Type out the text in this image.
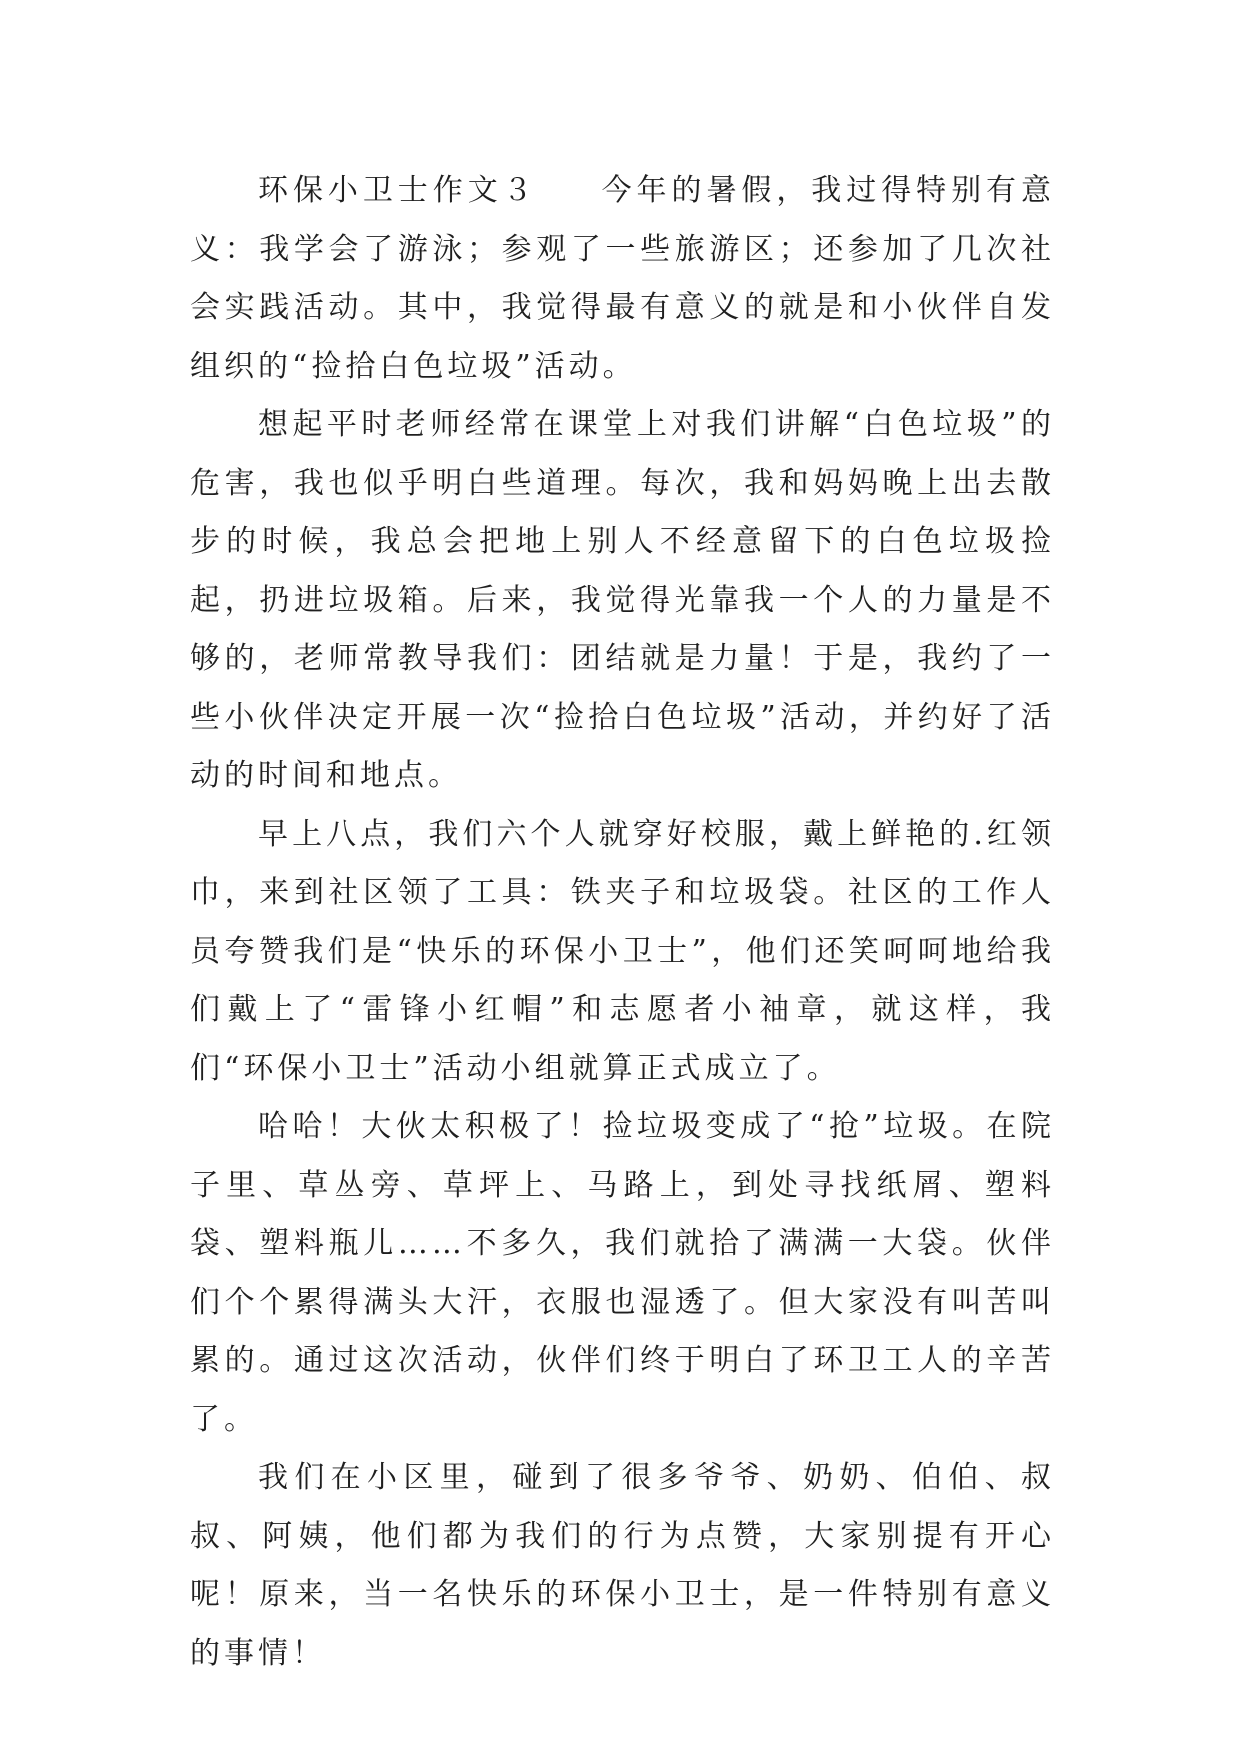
环保小卫士作文３ 今年的暑假，我过得特别有意义：我学会了游泳；参观了一些旅游区；还参加了几次社会实践活动。其中，我觉得最有意义的就是和小伙伴自发组织的“捡拾白色垃圾”活动。

想起平时老师经常在课堂上对我们讲解“白色垃圾”的危害，我也似乎明白些道理。每次，我和妈妈晚上出去散步的时候，我总会把地上别人不经意留下的白色垃圾捡起，扔进垃圾箱。后来，我觉得光靠我一个人的力量是不够的，老师常教导我们：团结就是力量！于是，我约了一些小伙伴决定开展一次“捡拾白色垃圾”活动，并约好了活动的时间和地点。

早上八点，我们六个人就穿好校服，戴上鲜艳的.红领巾，来到社区领了工具：铁夹子和垃圾袋。社区的工作人员夸赞我们是“快乐的环保小卫士”，他们还笑呵呵地给我们戴上了“雷锋小红帽”和志愿者小袖章，就这样，我们“环保小卫士”活动小组就算正式成立了。

哈哈！大伙太积极了！捡垃圾变成了“抢”垃圾。在院子里、草丛旁、草坪上、马路上，到处寻找纸屑、塑料袋、塑料瓶儿……不多久，我们就拾了满满一大袋。伙伴们个个累得满头大汗，衣服也湿透了。但大家没有叫苦叫累的。通过这次活动，伙伴们终于明白了环卫工人的辛苦了。

我们在小区里，碰到了很多爷爷、奶奶、伯伯、叔叔、阿姨，他们都为我们的行为点赞，大家别提有开心呢！原来，当一名快乐的环保小卫士，是一件特别有意义的事情！
